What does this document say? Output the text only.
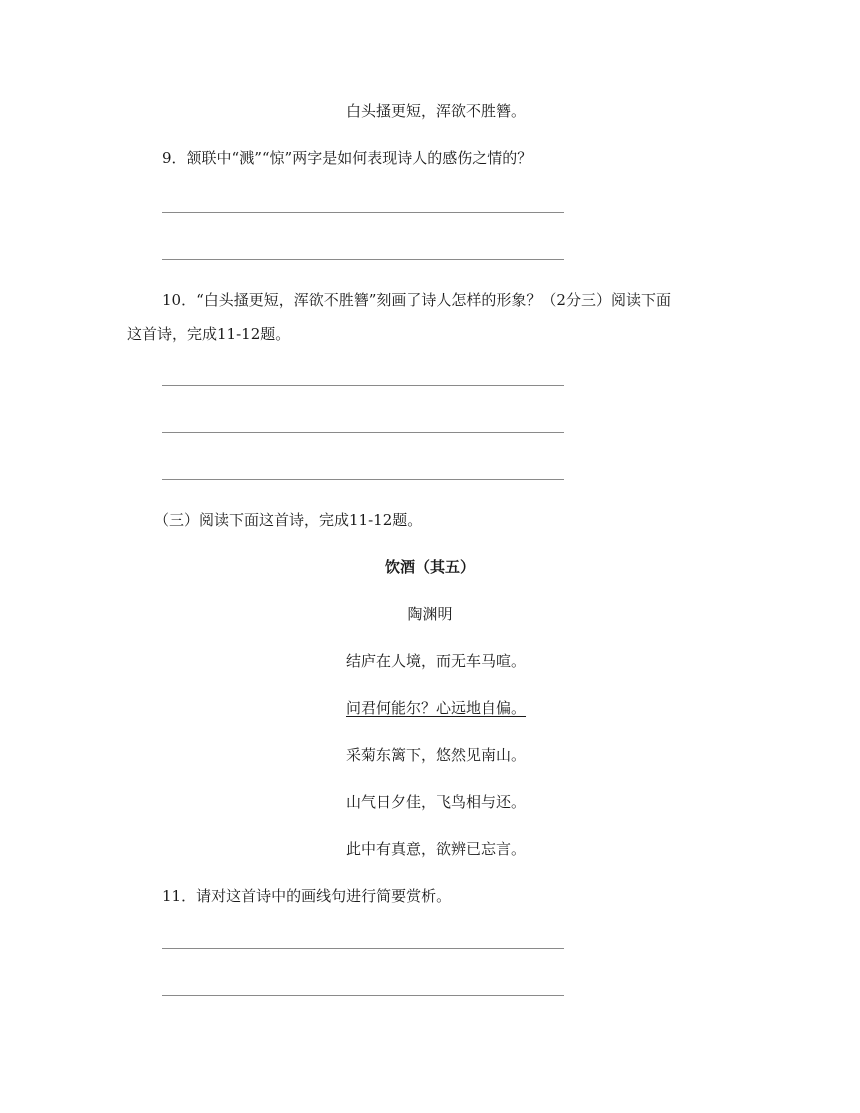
白头搔更短，浑欲不胜簪。
9．颔联中“溅”“惊”两字是如何表现诗人的感伤之情的？
10．“白头搔更短，浑欲不胜簪”刻画了诗人怎样的形象？（2分三）阅读下面
这首诗，完成11-12题。
（三）阅读下面这首诗，完成11-12题。
饮酒（其五）
陶渊明
结庐在人境，而无车马喧。
问君何能尔？心远地自偏。
采菊东篱下，悠然见南山。
山气日夕佳，飞鸟相与还。
此中有真意，欲辨已忘言。
11．请对这首诗中的画线句进行简要赏析。
